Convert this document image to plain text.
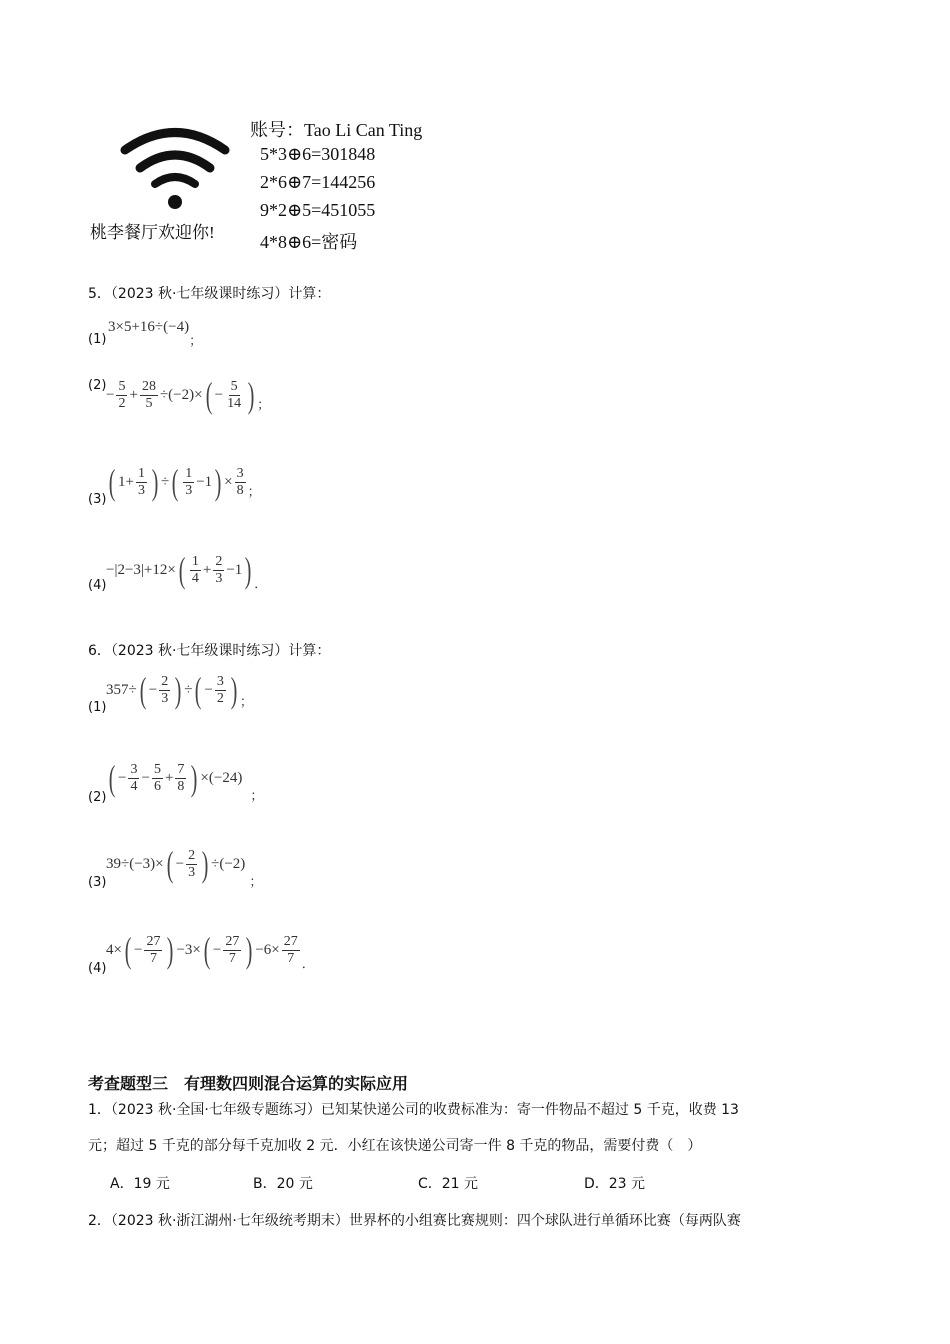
桃李餐厅欢迎你!
账号：Tao Li Can Ting
5*3⊕6=301848
2*6⊕7=144256
9*2⊕5=451055
4*8⊕6=密码
5．（2023 秋·七年级课时练习）计算：
(1)
3×5+16÷(−4)；
(2)
− $\frac{5}{2} + \frac{28}{5} \div(-2)\times$ ( − $\frac{5}{14}$ ) ；
(3) ( $1+ \frac{1}{3}$ ) ÷ ( $\frac{1}{3} -1$ ) × $\frac{3}{8}$ ；
(4)
−|2−3|+12× ( $\frac{1}{4} + \frac{2}{3} -1$ ) ．
6．（2023 秋·七年级课时练习）计算：
(1)
357÷ ( − $\frac{2}{3}$ ) ÷ ( − $\frac{3}{2}$ ) ；
(2) ( − $\frac{3}{4} - \frac{5}{6} + \frac{7}{8}$ ) ×(−24)
；
(3)
39÷(−3)× ( − $\frac{2}{3}$ ) ÷(−2)
；
(4)
4× ( − $\frac{27}{7}$ ) −3× ( − $\frac{27}{7}$ ) $-6\times \frac{27}{7}$ ．
考查题型三　有理数四则混合运算的实际应用
1．（2023 秋·全国·七年级专题练习）已知某快递公司的收费标准为：寄一件物品不超过 5 千克，收费 13
元；超过 5 千克的部分每千克加收 2 元．小红在该快递公司寄一件 8 千克的物品，需要付费（　）
A．19 元	B．20 元	C．21 元	D．23 元
2．（2023 秋·浙江湖州·七年级统考期末）世界杯的小组赛比赛规则：四个球队进行单循环比赛（每两队赛
